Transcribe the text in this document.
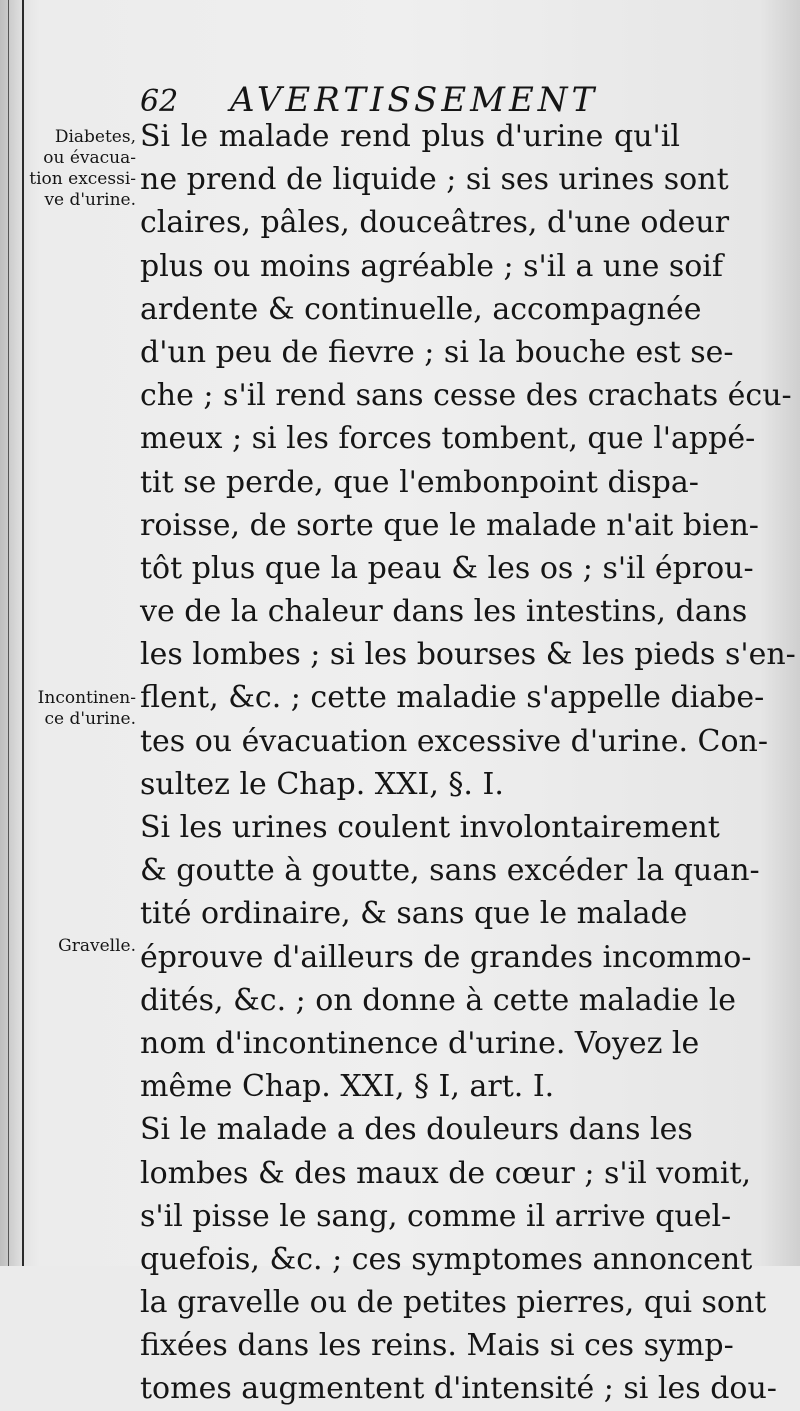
62 AVERTISSEMENT
Diabetes,
ou évacua-
tion excessi-
ve d'urine.
Incontinen-
ce d'urine.
Gravelle.
Si le malade rend plus d'urine qu'il
ne prend de liquide ; si ses urines sont
claires, pâles, douceâtres, d'une odeur
plus ou moins agréable ; s'il a une soif
ardente & continuelle, accompagnée
d'un peu de fievre ; si la bouche est se-
che ; s'il rend sans cesse des crachats écu-
meux ; si les forces tombent, que l'appé-
tit se perde, que l'embonpoint dispa-
roisse, de sorte que le malade n'ait bien-
tôt plus que la peau & les os ; s'il éprou-
ve de la chaleur dans les intestins, dans
les lombes ; si les bourses & les pieds s'en-
flent, &c. ; cette maladie s'appelle diabe-
tes ou évacuation excessive d'urine. Con-
sultez le Chap. XXI, §. I.
Si les urines coulent involontairement
& goutte à goutte, sans excéder la quan-
tité ordinaire, & sans que le malade
éprouve d'ailleurs de grandes incommo-
dités, &c. ; on donne à cette maladie le
nom d'incontinence d'urine. Voyez le
même Chap. XXI, § I, art. I.
Si le malade a des douleurs dans les
lombes & des maux de cœur ; s'il vomit,
s'il pisse le sang, comme il arrive quel-
quefois, &c. ; ces symptomes annoncent
la gravelle ou de petites pierres, qui sont
fixées dans les reins. Mais si ces symp-
tomes augmentent d'intensité ; si les dou-
